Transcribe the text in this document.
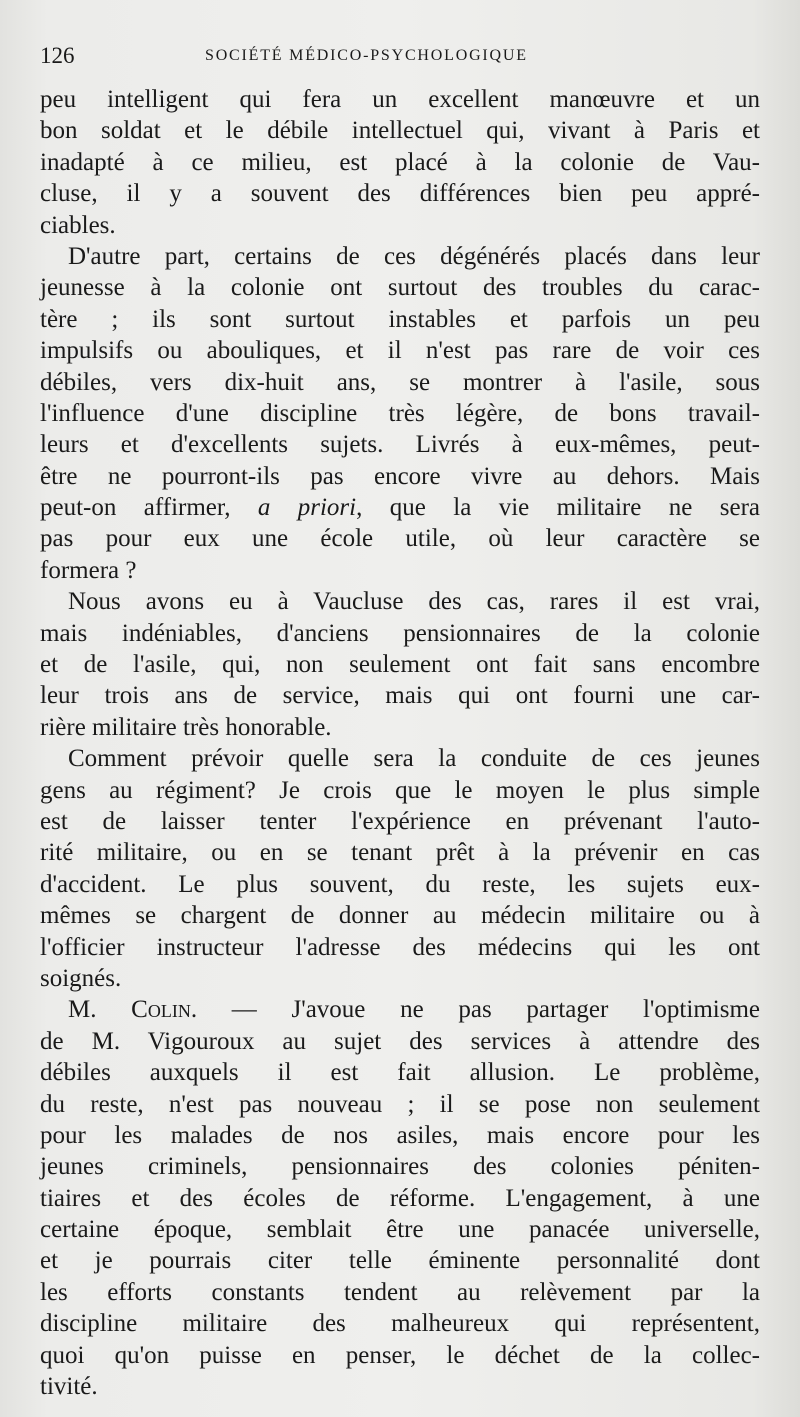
126	SOCIÉTÉ MÉDICO-PSYCHOLOGIQUE
peu intelligent qui fera un excellent manœuvre et un
bon soldat et le débile intellectuel qui, vivant à Paris et
inadapté à ce milieu, est placé à la colonie de Vau-
cluse, il y a souvent des différences bien peu appré-
ciables.
D'autre part, certains de ces dégénérés placés dans leur
jeunesse à la colonie ont surtout des troubles du carac-
tère ; ils sont surtout instables et parfois un peu
impulsifs ou abouliques, et il n'est pas rare de voir ces
débiles, vers dix-huit ans, se montrer à l'asile, sous
l'influence d'une discipline très légère, de bons travail-
leurs et d'excellents sujets. Livrés à eux-mêmes, peut-
être ne pourront-ils pas encore vivre au dehors. Mais
peut-on affirmer, a priori, que la vie militaire ne sera
pas pour eux une école utile, où leur caractère se
formera ?
Nous avons eu à Vaucluse des cas, rares il est vrai,
mais indéniables, d'anciens pensionnaires de la colonie
et de l'asile, qui, non seulement ont fait sans encombre
leur trois ans de service, mais qui ont fourni une car-
rière militaire très honorable.
Comment prévoir quelle sera la conduite de ces jeunes
gens au régiment? Je crois que le moyen le plus simple
est de laisser tenter l'expérience en prévenant l'auto-
rité militaire, ou en se tenant prêt à la prévenir en cas
d'accident. Le plus souvent, du reste, les sujets eux-
mêmes se chargent de donner au médecin militaire ou à
l'officier instructeur l'adresse des médecins qui les ont
soignés.
M. Colin. — J'avoue ne pas partager l'optimisme
de M. Vigouroux au sujet des services à attendre des
débiles auxquels il est fait allusion. Le problème,
du reste, n'est pas nouveau ; il se pose non seulement
pour les malades de nos asiles, mais encore pour les
jeunes criminels, pensionnaires des colonies péniten-
tiaires et des écoles de réforme. L'engagement, à une
certaine époque, semblait être une panacée universelle,
et je pourrais citer telle éminente personnalité dont
les efforts constants tendent au relèvement par la
discipline militaire des malheureux qui représentent,
quoi qu'on puisse en penser, le déchet de la collec-
tivité.
